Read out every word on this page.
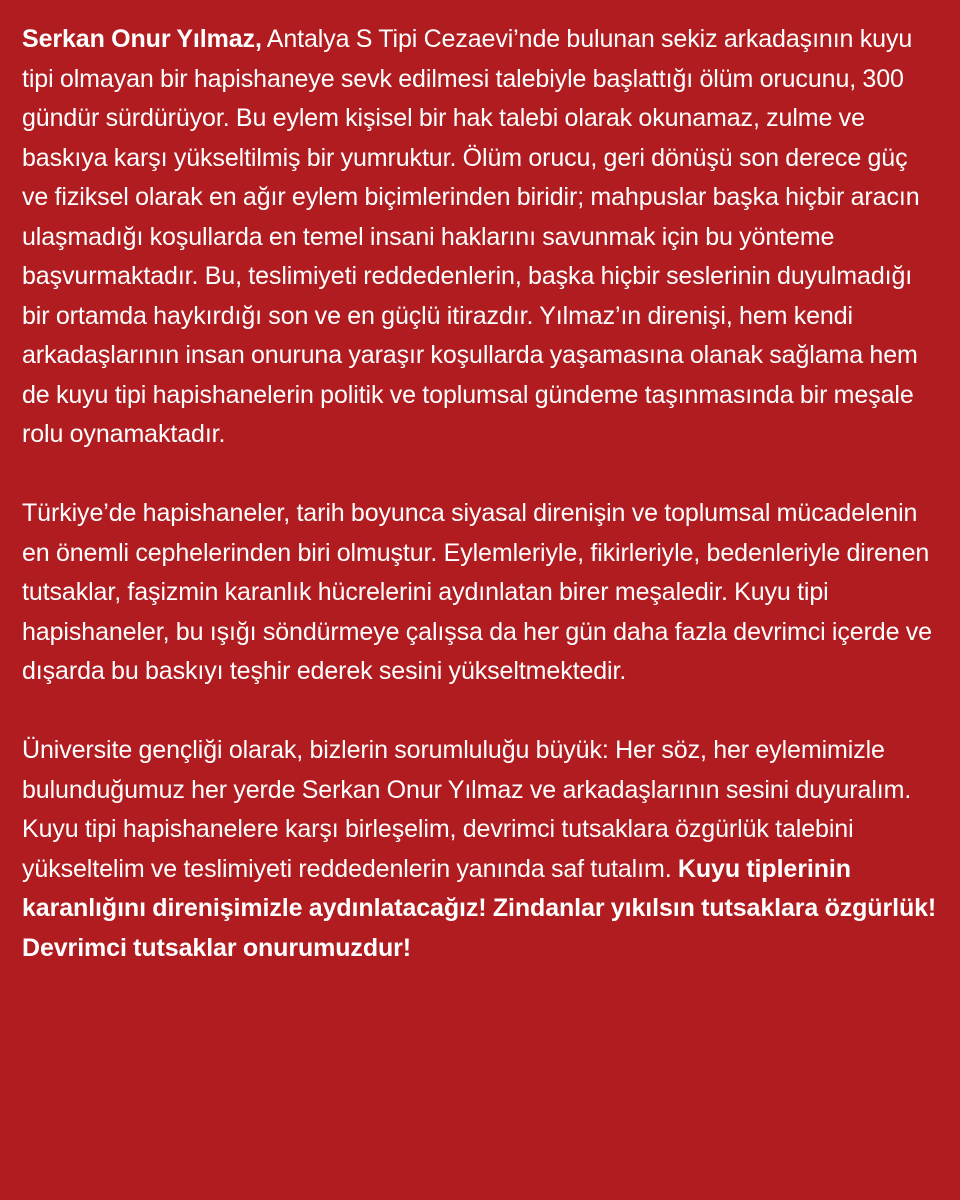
Serkan Onur Yılmaz, Antalya S Tipi Cezaevi’nde bulunan sekiz arkadaşının kuyu tipi olmayan bir hapishaneye sevk edilmesi talebiyle başlattığı ölüm orucunu, 300 gündür sürdürüyor. Bu eylem kişisel bir hak talebi olarak okunamaz, zulme ve baskıya karşı yükseltilmiş bir yumruktur. Ölüm orucu, geri dönüşü son derece güç ve fiziksel olarak en ağır eylem biçimlerinden biridir; mahpuslar başka hiçbir aracın ulaşmadığı koşullarda en temel insani haklarını savunmak için bu yönteme başvurmaktadır. Bu, teslimiyeti reddedenlerin, başka hiçbir seslerinin duyulmadığı bir ortamda haykırdığı son ve en güçlü itirazdır. Yılmaz’ın direnişi, hem kendi arkadaşlarının insan onuruna yaraşır koşullarda yaşamasına olanak sağlama hem de kuyu tipi hapishanelerin politik ve toplumsal gündeme taşınmasında bir meşale rolu oynamaktadır.

Türkiye’de hapishaneler, tarih boyunca siyasal direnişin ve toplumsal mücadelenin en önemli cephelerinden biri olmuştur. Eylemleriyle, fikirleriyle, bedenleriyle direnen tutsaklar, faşizmin karanlık hücrelerini aydınlatan birer meşaledir. Kuyu tipi hapishaneler, bu ışığı söndürmeye çalışsa da her gün daha fazla devrimci içerde ve dışarda bu baskıyı teşhir ederek sesini yükseltmektedir.

Üniversite gençliği olarak, bizlerin sorumluluğu büyük: Her söz, her eylemimizle bulunduğumuz her yerde Serkan Onur Yılmaz ve arkadaşlarının sesini duyuralım. Kuyu tipi hapishanelere karşı birleşelim, devrimci tutsaklara özgürlük talebini yükseltelim ve teslimiyeti reddedenlerin yanında saf tutalım. Kuyu tiplerinin karanlığını direnişimizle aydınlatacağız! Zindanlar yıkılsın tutsaklara özgürlük! Devrimci tutsaklar onurumuzdur!
